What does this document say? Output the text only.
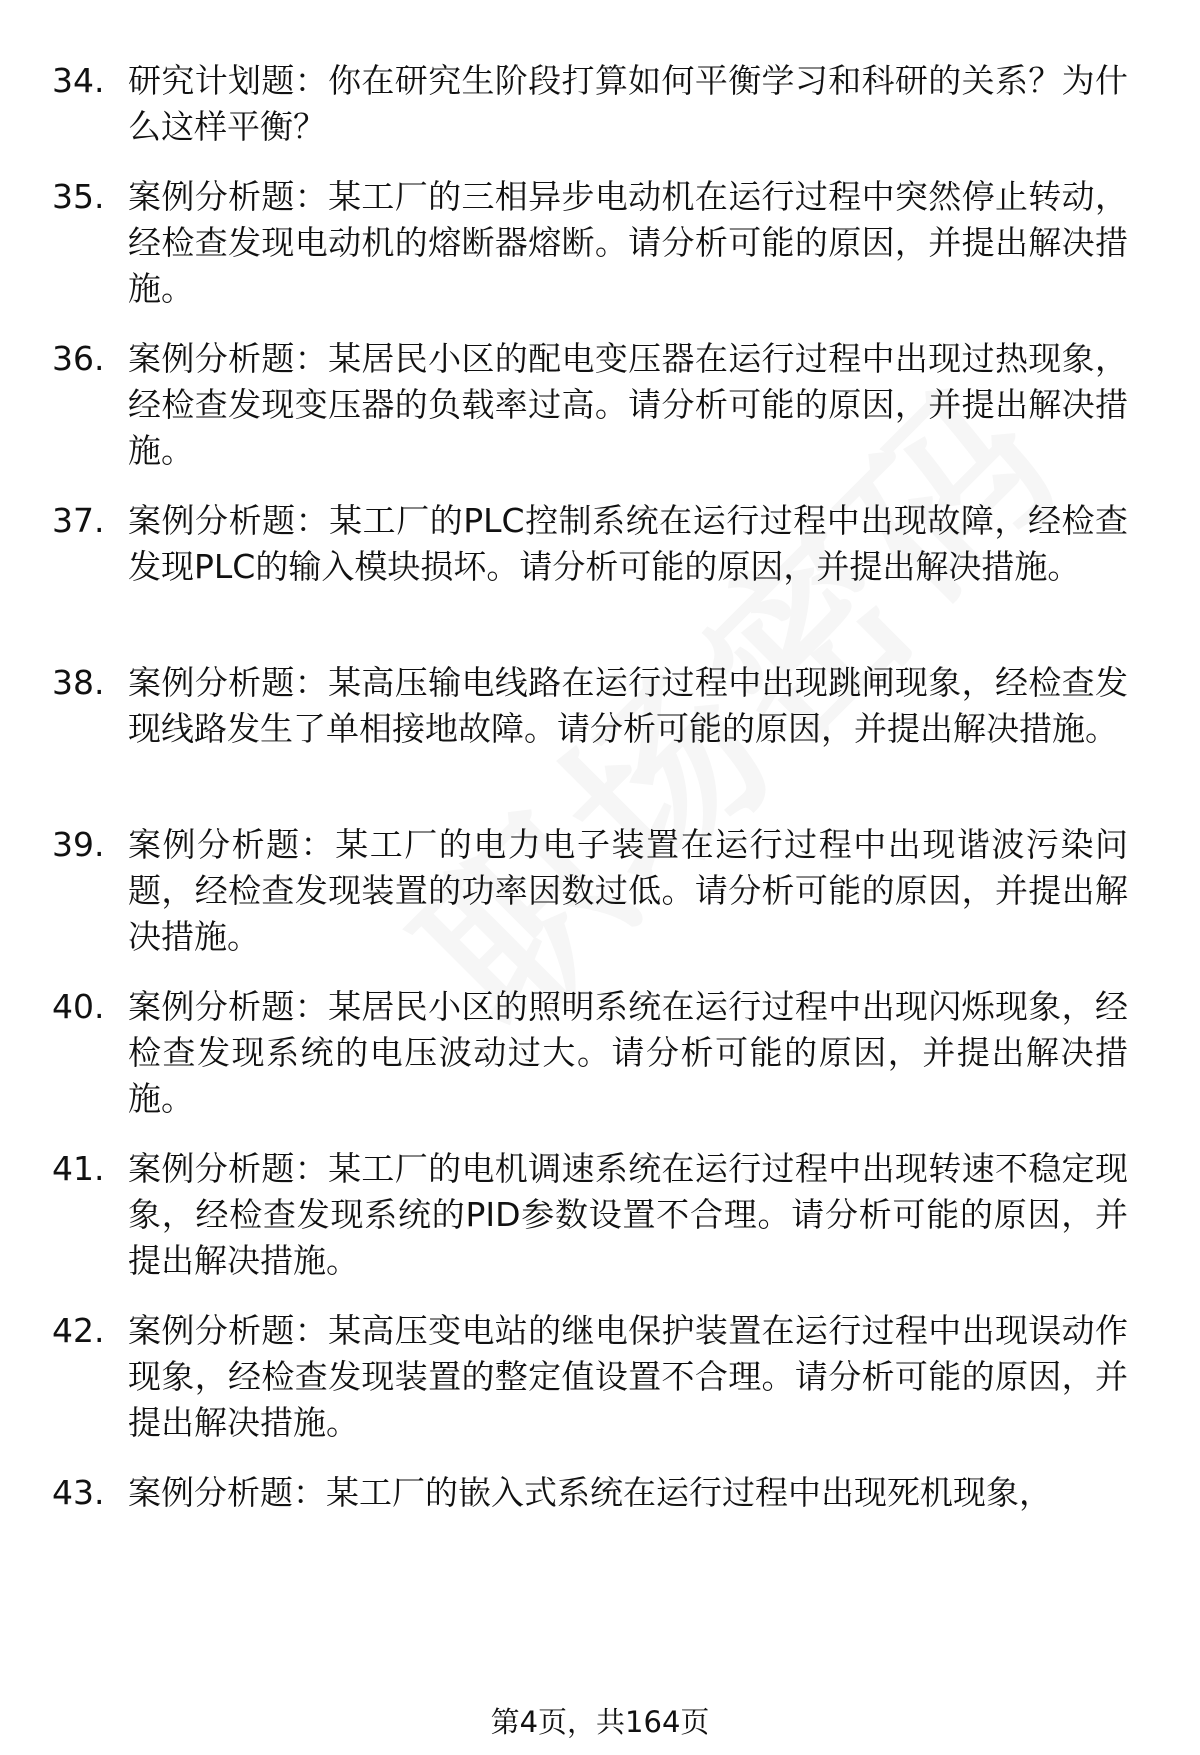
34. 研究计划题：你在研究生阶段打算如何平衡学习和科研的关系？为什么这样平衡？
35. 案例分析题：某工厂的三相异步电动机在运行过程中突然停止转动，经检查发现电动机的熔断器熔断。请分析可能的原因，并提出解决措施。
36. 案例分析题：某居民小区的配电变压器在运行过程中出现过热现象，经检查发现变压器的负载率过高。请分析可能的原因，并提出解决措施。
37. 案例分析题：某工厂的PLC控制系统在运行过程中出现故障，经检查发现PLC的输入模块损坏。请分析可能的原因，并提出解决措施。
38. 案例分析题：某高压输电线路在运行过程中出现跳闸现象，经检查发现线路发生了单相接地故障。请分析可能的原因，并提出解决措施。
39. 案例分析题：某工厂的电力电子装置在运行过程中出现谐波污染问题，经检查发现装置的功率因数过低。请分析可能的原因，并提出解决措施。
40. 案例分析题：某居民小区的照明系统在运行过程中出现闪烁现象，经检查发现系统的电压波动过大。请分析可能的原因，并提出解决措施。
41. 案例分析题：某工厂的电机调速系统在运行过程中出现转速不稳定现象，经检查发现系统的PID参数设置不合理。请分析可能的原因，并提出解决措施。
42. 案例分析题：某高压变电站的继电保护装置在运行过程中出现误动作现象，经检查发现装置的整定值设置不合理。请分析可能的原因，并提出解决措施。
43. 案例分析题：某工厂的嵌入式系统在运行过程中出现死机现象，
第4页，共164页
